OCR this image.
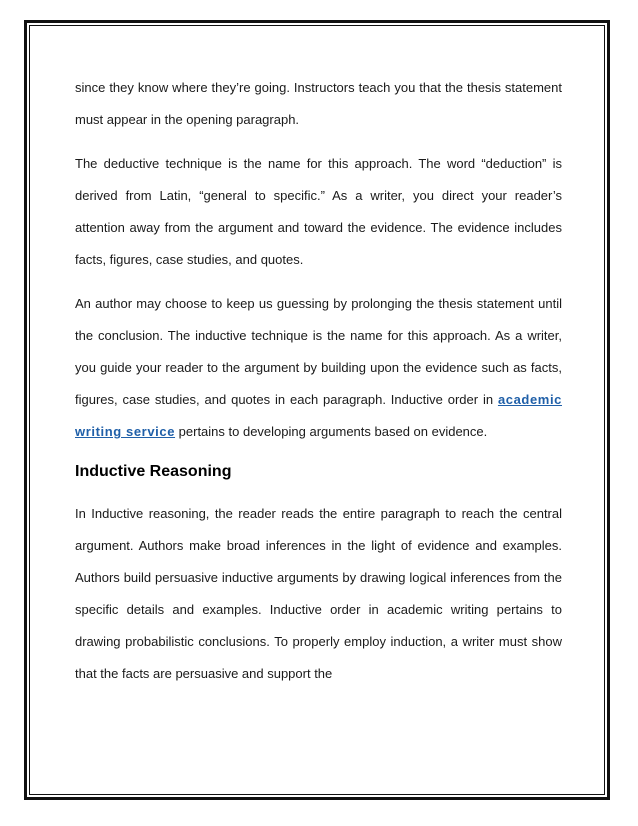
since they know where they’re going. Instructors teach you that the thesis statement must appear in the opening paragraph.

The deductive technique is the name for this approach. The word “deduction” is derived from Latin, “general to specific.” As a writer, you direct your reader’s attention away from the argument and toward the evidence. The evidence includes facts, figures, case studies, and quotes.

An author may choose to keep us guessing by prolonging the thesis statement until the conclusion. The inductive technique is the name for this approach. As a writer, you guide your reader to the argument by building upon the evidence such as facts, figures, case studies, and quotes in each paragraph. Inductive order in academic writing service pertains to developing arguments based on evidence.

Inductive Reasoning

In Inductive reasoning, the reader reads the entire paragraph to reach the central argument. Authors make broad inferences in the light of evidence and examples. Authors build persuasive inductive arguments by drawing logical inferences from the specific details and examples. Inductive order in academic writing pertains to drawing probabilistic conclusions. To properly employ induction, a writer must show that the facts are persuasive and support the
